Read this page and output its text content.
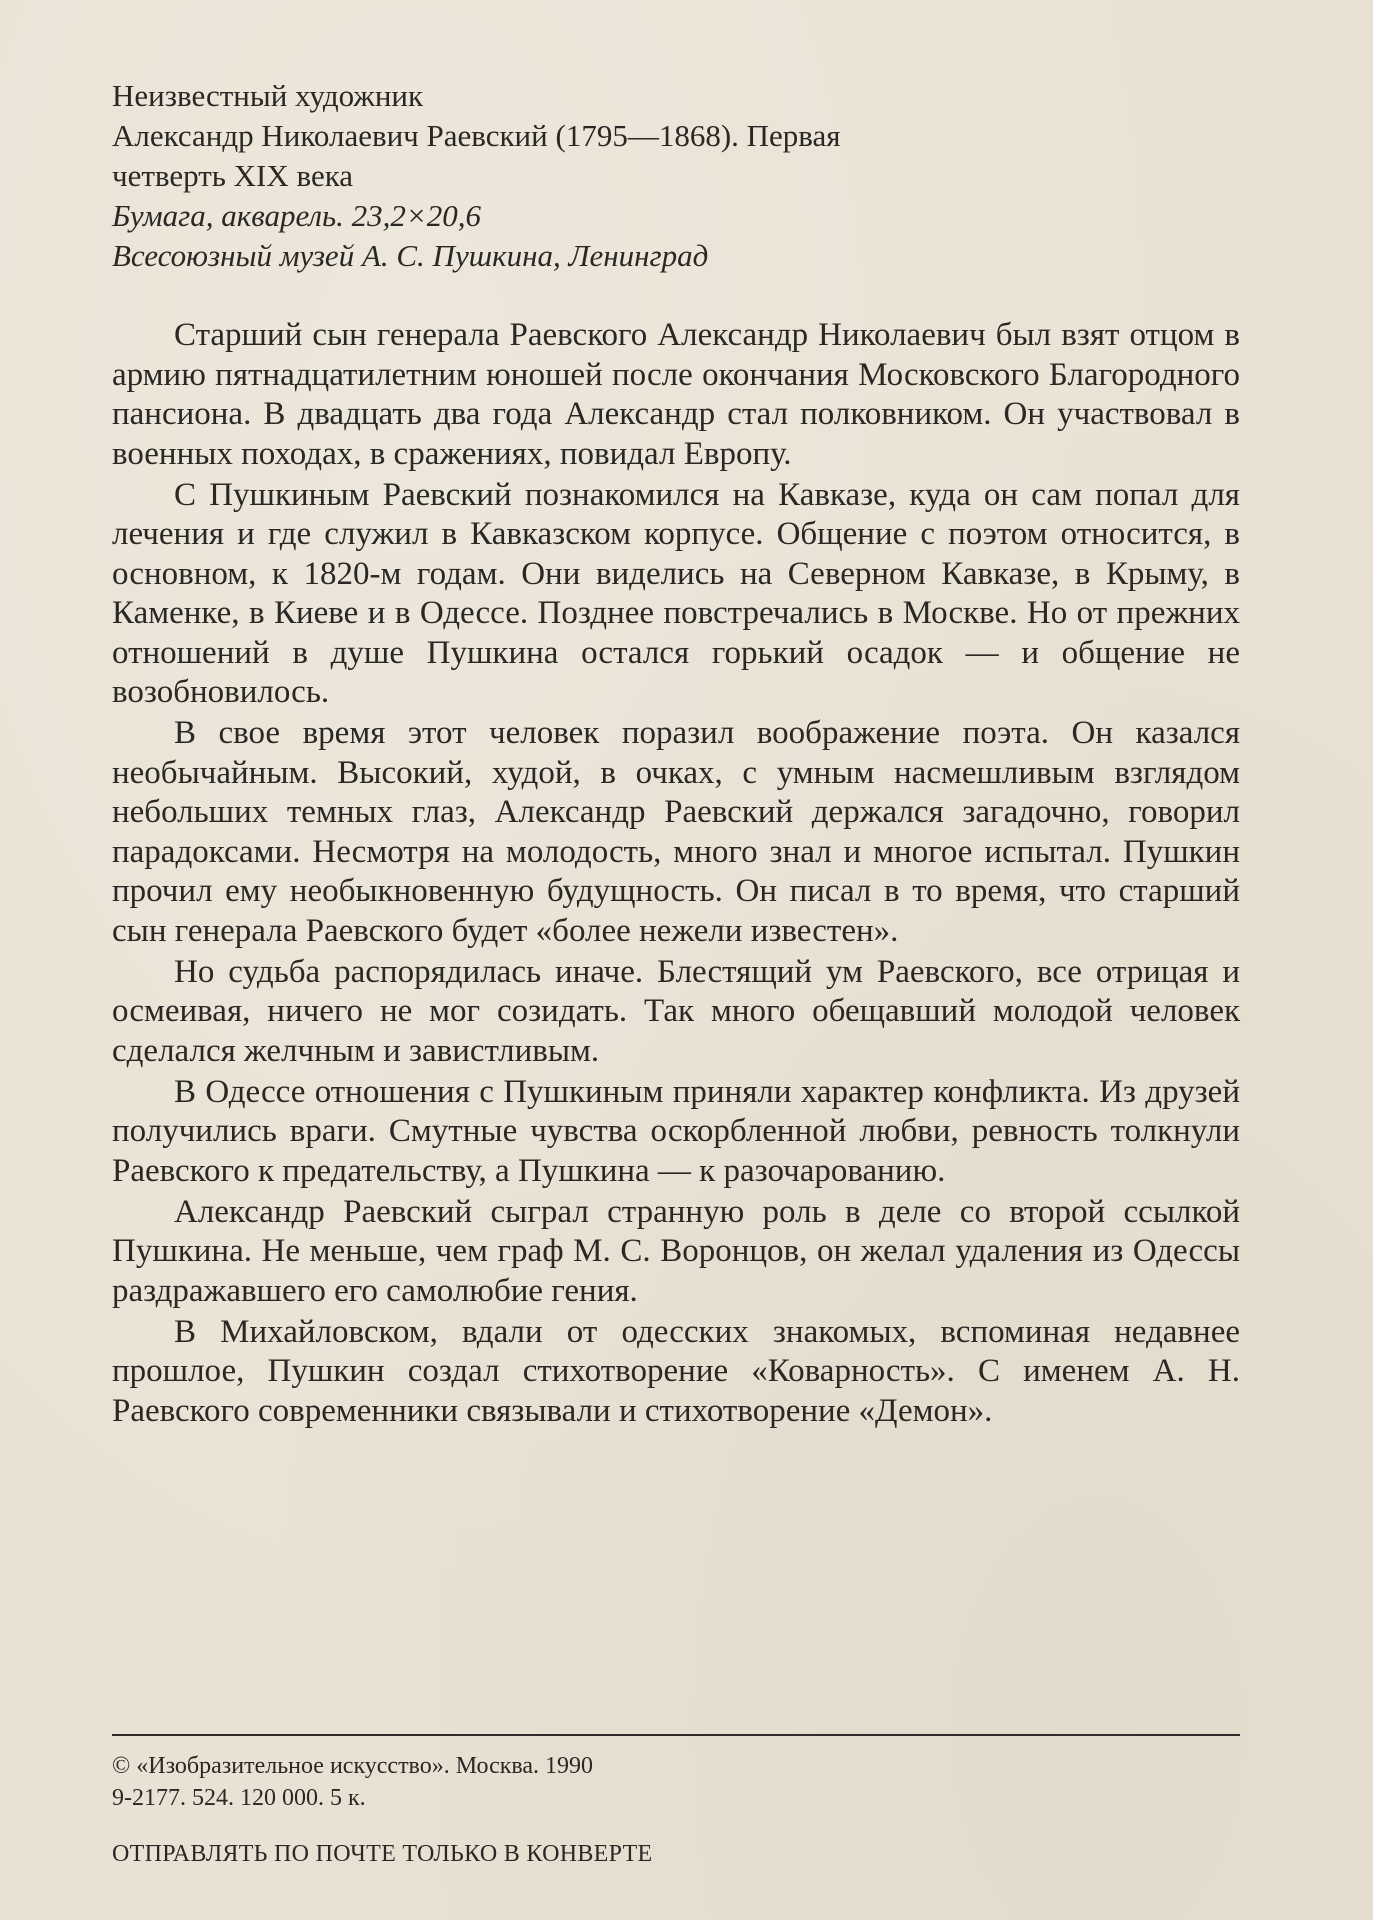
Неизвестный художник
Александр Николаевич Раевский (1795—1868). Первая
четверть XIX века
Бумага, акварель. 23,2×20,6
Всесоюзный музей А. С. Пушкина, Ленинград

Старший сын генерала Раевского Александр Николаевич был взят отцом в армию пятнадцатилетним юношей после окончания Московского Благородного пансиона. В двадцать два года Александр стал полковником. Он участвовал в военных походах, в сражениях, повидал Европу.

С Пушкиным Раевский познакомился на Кавказе, куда он сам попал для лечения и где служил в Кавказском корпусе. Общение с поэтом относится, в основном, к 1820-м годам. Они виделись на Северном Кавказе, в Крыму, в Каменке, в Киеве и в Одессе. Позднее повстречались в Москве. Но от прежних отношений в душе Пушкина остался горький осадок — и общение не возобновилось.

В свое время этот человек поразил воображение поэта. Он казался необычайным. Высокий, худой, в очках, с умным насмешливым взглядом небольших темных глаз, Александр Раевский держался загадочно, говорил парадоксами. Несмотря на молодость, много знал и многое испытал. Пушкин прочил ему необыкновенную будущность. Он писал в то время, что старший сын генерала Раевского будет «более нежели известен».

Но судьба распорядилась иначе. Блестящий ум Раевского, все отрицая и осмеивая, ничего не мог созидать. Так много обещавший молодой человек сделался желчным и завистливым.

В Одессе отношения с Пушкиным приняли характер конфликта. Из друзей получились враги. Смутные чувства оскорбленной любви, ревность толкнули Раевского к предательству, а Пушкина — к разочарованию.

Александр Раевский сыграл странную роль в деле со второй ссылкой Пушкина. Не меньше, чем граф М. С. Воронцов, он желал удаления из Одессы раздражавшего его самолюбие гения.

В Михайловском, вдали от одесских знакомых, вспоминая недавнее прошлое, Пушкин создал стихотворение «Коварность». С именем А. Н. Раевского современники связывали и стихотворение «Демон».

© «Изобразительное искусство». Москва. 1990
9-2177. 524. 120 000. 5 к.
ОТПРАВЛЯТЬ ПО ПОЧТЕ ТОЛЬКО В КОНВЕРТЕ
